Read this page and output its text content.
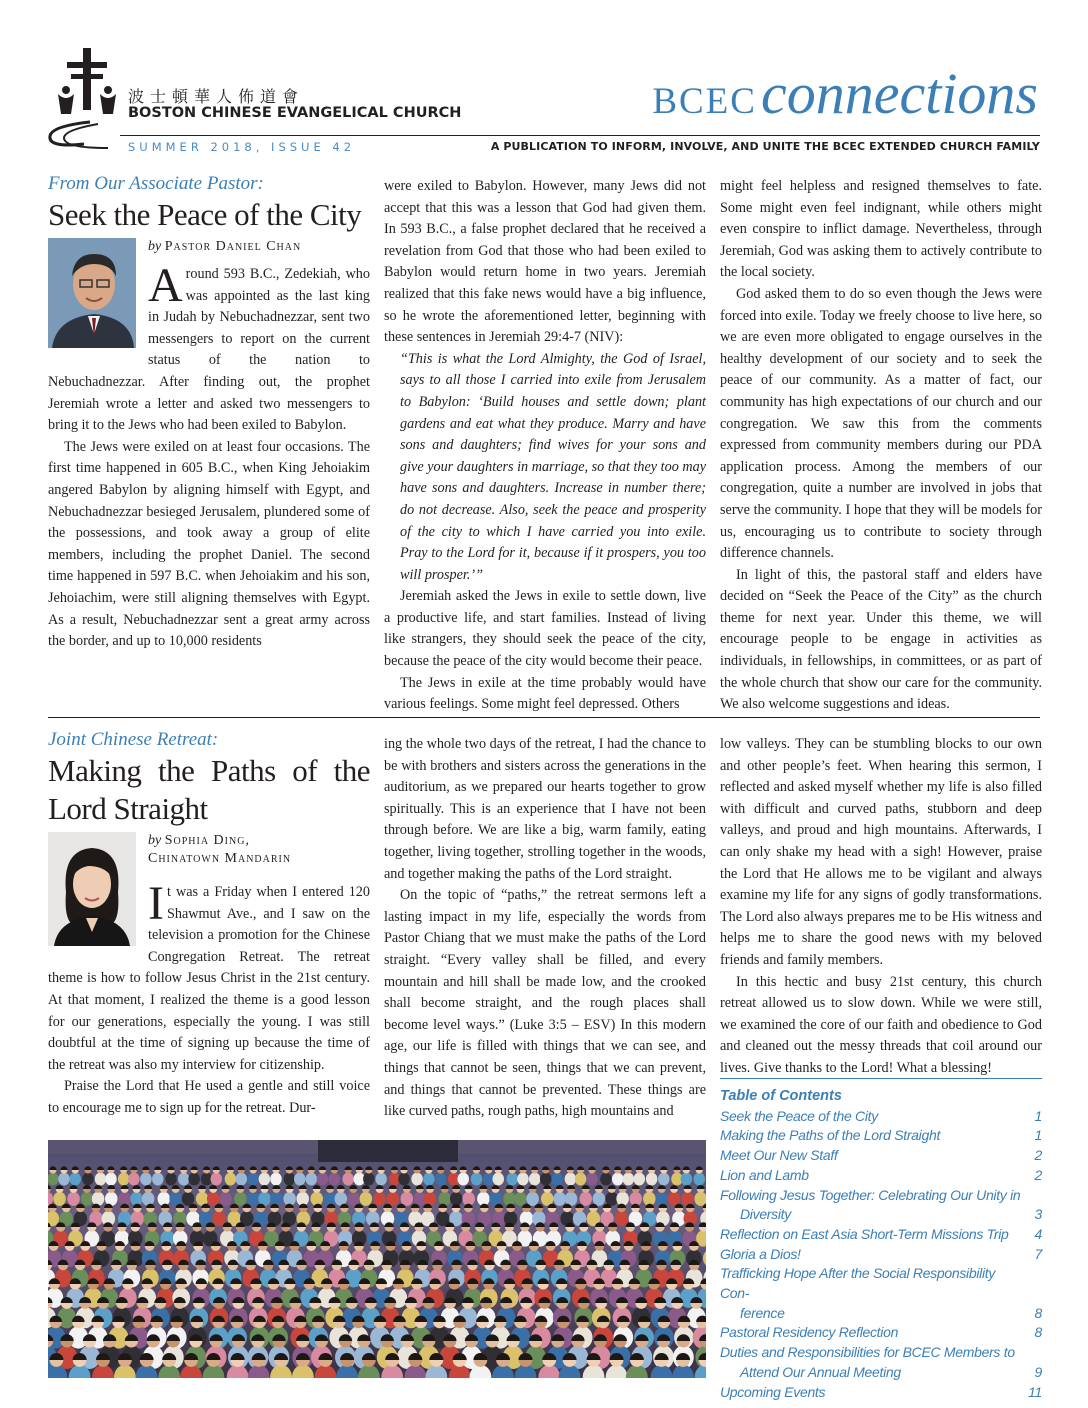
波士頓華人佈道會
BOSTON CHINESE EVANGELICAL CHURCH	BCEC connections
SUMMER 2018, ISSUE 42	A PUBLICATION TO INFORM, INVOLVE, AND UNITE THE BCEC EXTENDED CHURCH FAMILY
From Our Associate Pastor:
Seek the Peace of the City
by Pastor Daniel Chan

Around 593 B.C., Zedekiah, who was appointed as the last king in Judah by Nebuchadnezzar, sent two messengers to report on the current status of the nation to Nebuchadnezzar. After finding out, the prophet Jeremiah wrote a letter and asked two messengers to bring it to the Jews who had been exiled to Babylon.

The Jews were exiled on at least four occasions. The first time happened in 605 B.C., when King Jehoiakim angered Babylon by aligning himself with Egypt, and Nebuchadnezzar besieged Jerusalem, plundered some of the possessions, and took away a group of elite members, including the prophet Daniel. The second time happened in 597 B.C. when Jehoiakim and his son, Jehoiachim, were still aligning themselves with Egypt. As a result, Nebuchadnezzar sent a great army across the border, and up to 10,000 residents

were exiled to Babylon. However, many Jews did not accept that this was a lesson that God had given them. In 593 B.C., a false prophet declared that he received a revelation from God that those who had been exiled to Babylon would return home in two years. Jeremiah realized that this fake news would have a big influence, so he wrote the aforementioned letter, beginning with these sentences in Jeremiah 29:4-7 (NIV):

“This is what the Lord Almighty, the God of Israel, says to all those I carried into exile from Jerusalem to Babylon: ‘Build houses and settle down; plant gardens and eat what they produce. Marry and have sons and daughters; find wives for your sons and give your daughters in marriage, so that they too may have sons and daughters. Increase in number there; do not decrease. Also, seek the peace and prosperity of the city to which I have carried you into exile. Pray to the Lord for it, because if it prospers, you too will prosper.’”

Jeremiah asked the Jews in exile to settle down, live a productive life, and start families. Instead of living like strangers, they should seek the peace of the city, because the peace of the city would become their peace.

The Jews in exile at the time probably would have various feelings. Some might feel depressed. Others

might feel helpless and resigned themselves to fate. Some might even feel indignant, while others might even conspire to inflict damage. Nevertheless, through Jeremiah, God was asking them to actively contribute to the local society.

God asked them to do so even though the Jews were forced into exile. Today we freely choose to live here, so we are even more obligated to engage ourselves in the healthy development of our society and to seek the peace of our community. As a matter of fact, our community has high expectations of our church and our congregation. We saw this from the comments expressed from community members during our PDA application process. Among the members of our congregation, quite a number are involved in jobs that serve the community. I hope that they will be models for us, encouraging us to contribute to society through difference channels.

In light of this, the pastoral staff and elders have decided on “Seek the Peace of the City” as the church theme for next year. Under this theme, we will encourage people to be engage in activities as individuals, in fellowships, in committees, or as part of the whole church that show our care for the community. We also welcome suggestions and ideas.

Joint Chinese Retreat:
Making the Paths of the Lord Straight
by Sophia Ding,
Chinatown Mandarin

It was a Friday when I entered 120 Shawmut Ave., and I saw on the television a promotion for the Chinese Congregation Retreat. The retreat theme is how to follow Jesus Christ in the 21st century. At that moment, I realized the theme is a good lesson for our generations, especially the young. I was still doubtful at the time of signing up because the time of the retreat was also my interview for citizenship.

Praise the Lord that He used a gentle and still voice to encourage me to sign up for the retreat. Dur-

ing the whole two days of the retreat, I had the chance to be with brothers and sisters across the generations in the auditorium, as we prepared our hearts together to grow spiritually. This is an experience that I have not been through before. We are like a big, warm family, eating together, living together, strolling together in the woods, and together making the paths of the Lord straight.

On the topic of “paths,” the retreat sermons left a lasting impact in my life, especially the words from Pastor Chiang that we must make the paths of the Lord straight. “Every valley shall be filled, and every mountain and hill shall be made low, and the crooked shall become straight, and the rough places shall become level ways.” (Luke 3:5 – ESV) In this modern age, our life is filled with things that we can see, and things that cannot be seen, things that we can prevent, and things that cannot be prevented. These things are like curved paths, rough paths, high mountains and

low valleys. They can be stumbling blocks to our own and other people’s feet. When hearing this sermon, I reflected and asked myself whether my life is also filled with difficult and curved paths, stubborn and deep valleys, and proud and high mountains. Afterwards, I can only shake my head with a sigh! However, praise the Lord that He allows me to be vigilant and always examine my life for any signs of godly transformations. The Lord also always prepares me to be His witness and helps me to share the good news with my beloved friends and family members.

In this hectic and busy 21st century, this church retreat allowed us to slow down. While we were still, we examined the core of our faith and obedience to God and cleaned out the messy threads that coil around our lives. Give thanks to the Lord! What a blessing!

Table of Contents
Seek the Peace of the City	1
Making the Paths of the Lord Straight	1
Meet Our New Staff	2
Lion and Lamb	2
Following Jesus Together: Celebrating Our Unity in
Diversity	3
Reflection on East Asia Short-Term Missions Trip	4
Gloria a Dios!	7
Trafficking Hope After the Social Responsibility Con-
ference	8
Pastoral Residency Reflection	8
Duties and Responsibilities for BCEC Members to
Attend Our Annual Meeting	9
Upcoming Events	11
